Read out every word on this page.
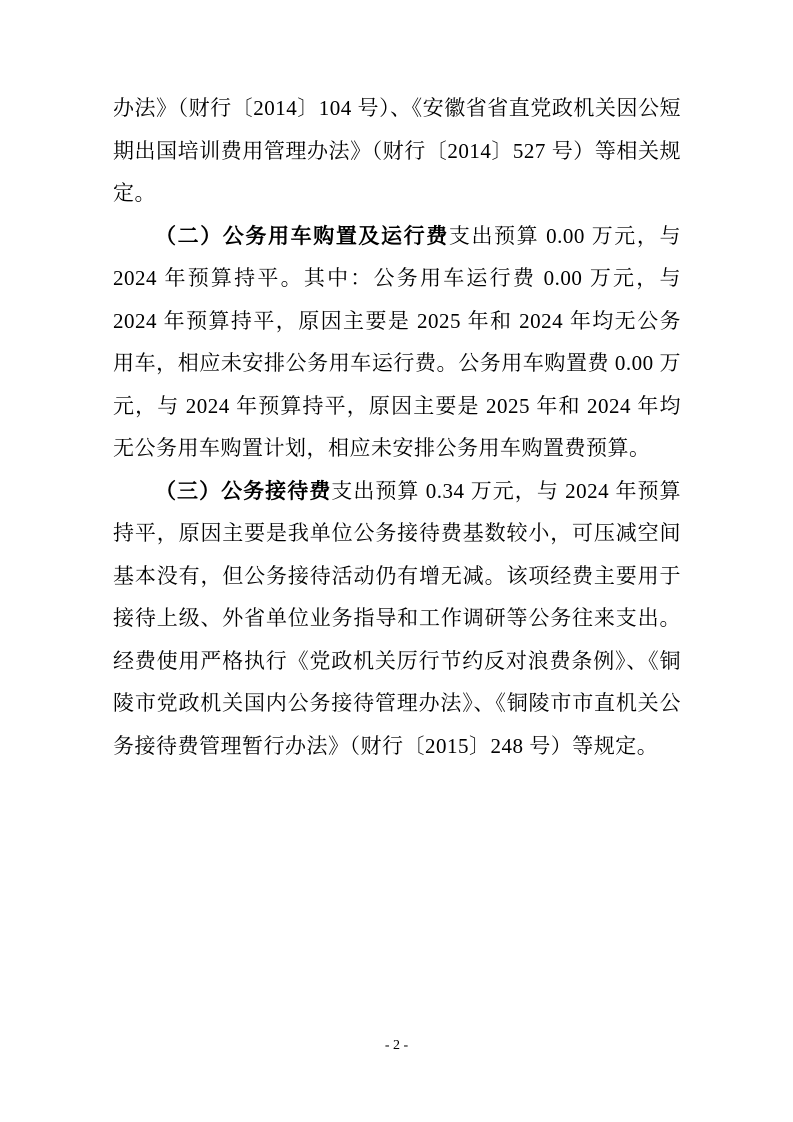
办法》（财行〔2014〕104 号）、《安徽省省直党政机关因公短期出国培训费用管理办法》（财行〔2014〕527 号）等相关规定。

（二）公务用车购置及运行费支出预算 0.00 万元，与 2024 年预算持平。其中：公务用车运行费 0.00 万元，与 2024 年预算持平，原因主要是 2025 年和 2024 年均无公务用车，相应未安排公务用车运行费。公务用车购置费 0.00 万元，与 2024 年预算持平，原因主要是 2025 年和 2024 年均无公务用车购置计划，相应未安排公务用车购置费预算。

（三）公务接待费支出预算 0.34 万元，与 2024 年预算持平，原因主要是我单位公务接待费基数较小，可压减空间基本没有，但公务接待活动仍有增无减。该项经费主要用于接待上级、外省单位业务指导和工作调研等公务往来支出。经费使用严格执行《党政机关厉行节约反对浪费条例》、《铜陵市党政机关国内公务接待管理办法》、《铜陵市市直机关公务接待费管理暂行办法》（财行〔2015〕248 号）等规定。

- 2 -
